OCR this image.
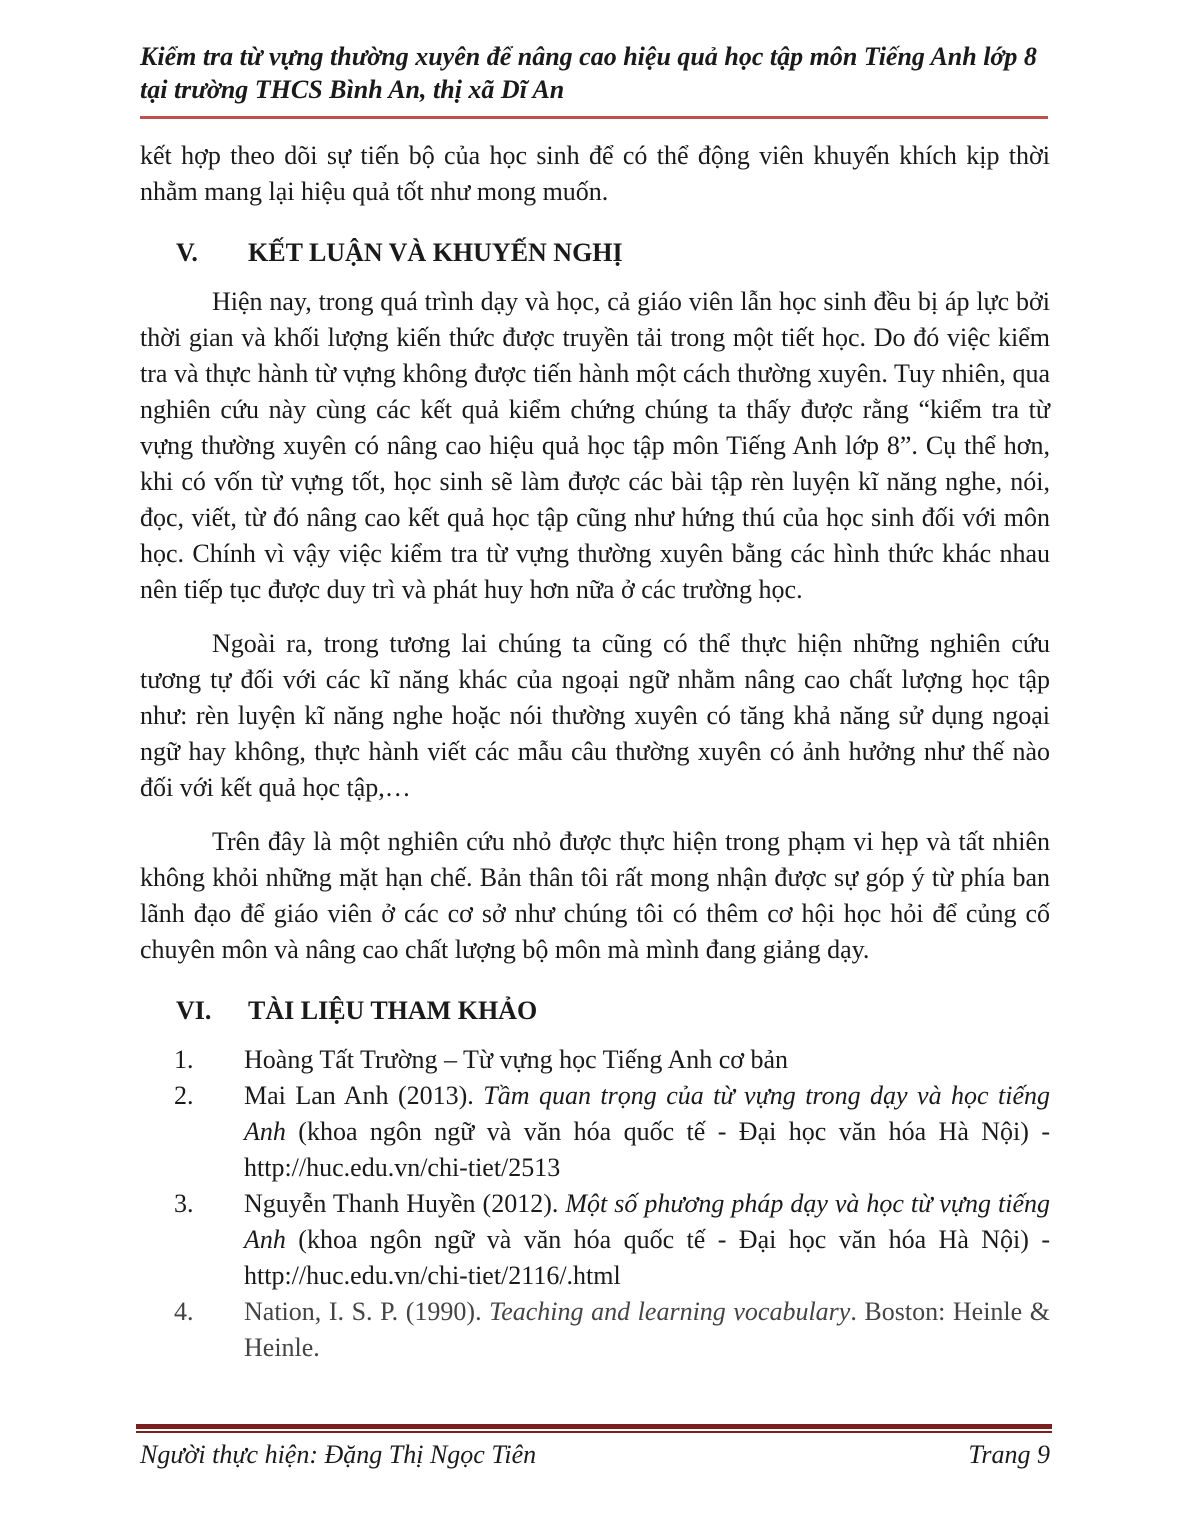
Kiểm tra từ vựng thường xuyên để nâng cao hiệu quả học tập môn Tiếng Anh lớp 8 tại trường THCS Bình An, thị xã Dĩ An

kết hợp theo dõi sự tiến bộ của học sinh để có thể động viên khuyến khích kịp thời nhằm mang lại hiệu quả tốt như mong muốn.

V.	KẾT LUẬN VÀ KHUYẾN NGHỊ

Hiện nay, trong quá trình dạy và học, cả giáo viên lẫn học sinh đều bị áp lực bởi thời gian và khối lượng kiến thức được truyền tải trong một tiết học. Do đó việc kiểm tra và thực hành từ vựng không được tiến hành một cách thường xuyên. Tuy nhiên, qua nghiên cứu này cùng các kết quả kiểm chứng chúng ta thấy được rằng “kiểm tra từ vựng thường xuyên có nâng cao hiệu quả học tập môn Tiếng Anh lớp 8”. Cụ thể hơn, khi có vốn từ vựng tốt, học sinh sẽ làm được các bài tập rèn luyện kĩ năng nghe, nói, đọc, viết, từ đó nâng cao kết quả học tập cũng như hứng thú của học sinh đối với môn học. Chính vì vậy việc kiểm tra từ vựng thường xuyên bằng các hình thức khác nhau nên tiếp tục được duy trì và phát huy hơn nữa ở các trường học.

Ngoài ra, trong tương lai chúng ta cũng có thể thực hiện những nghiên cứu tương tự đối với các kĩ năng khác của ngoại ngữ nhằm nâng cao chất lượng học tập như: rèn luyện kĩ năng nghe hoặc nói thường xuyên có tăng khả năng sử dụng ngoại ngữ hay không, thực hành viết các mẫu câu thường xuyên có ảnh hưởng như thế nào đối với kết quả học tập,…

Trên đây là một nghiên cứu nhỏ được thực hiện trong phạm vi hẹp và tất nhiên không khỏi những mặt hạn chế. Bản thân tôi rất mong nhận được sự góp ý từ phía ban lãnh đạo để giáo viên ở các cơ sở như chúng tôi có thêm cơ hội học hỏi để củng cố chuyên môn và nâng cao chất lượng bộ môn mà mình đang giảng dạy.

VI.	TÀI LIỆU THAM KHẢO
1.	Hoàng Tất Trường – Từ vựng học Tiếng Anh cơ bản
2.	Mai Lan Anh (2013). Tầm quan trọng của từ vựng trong dạy và học tiếng Anh (khoa ngôn ngữ và văn hóa quốc tế - Đại học văn hóa Hà Nội) - http://huc.edu.vn/chi-tiet/2513
3.	Nguyễn Thanh Huyền (2012). Một số phương pháp dạy và học từ vựng tiếng Anh (khoa ngôn ngữ và văn hóa quốc tế - Đại học văn hóa Hà Nội) - http://huc.edu.vn/chi-tiet/2116/.html
4.	Nation, I. S. P. (1990). Teaching and learning vocabulary. Boston: Heinle & Heinle.
Người thực hiện: Đặng Thị Ngọc Tiên	Trang 9
